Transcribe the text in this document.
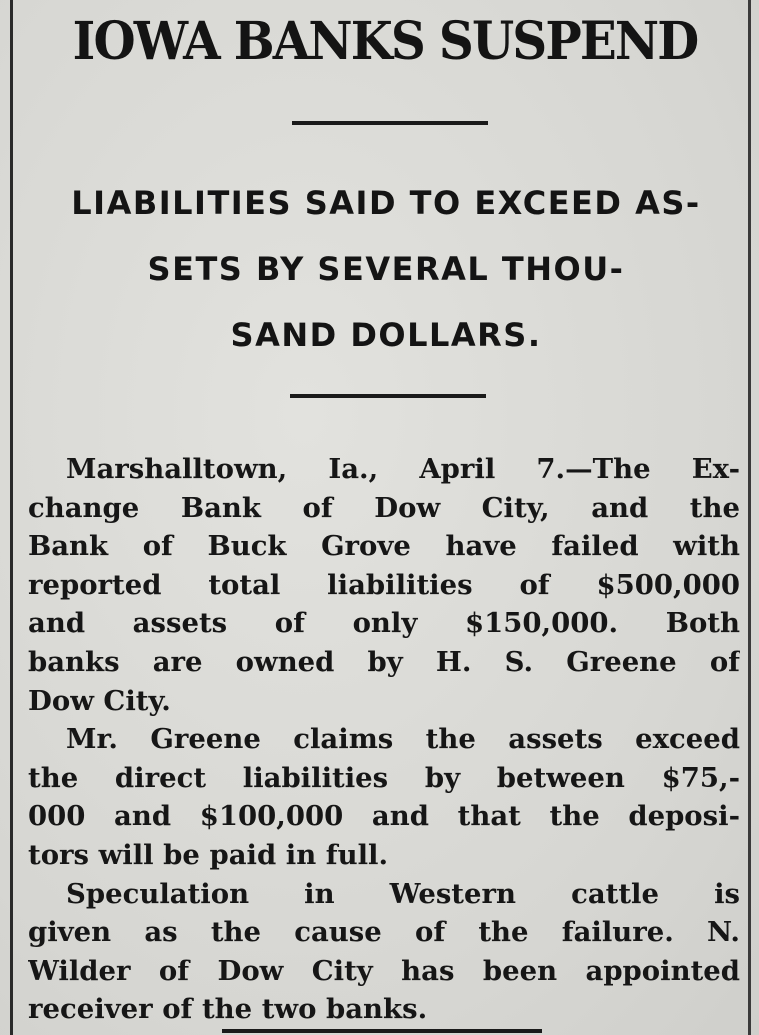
IOWA BANKS SUSPEND
LIABILITIES SAID TO EXCEED AS-
SETS BY SEVERAL THOU-
SAND DOLLARS.
Marshalltown, Ia., April 7.—The Ex-
change Bank of Dow City, and the
Bank of Buck Grove have failed with
reported total liabilities of $500,000
and assets of only $150,000. Both
banks are owned by H. S. Greene of
Dow City.
Mr. Greene claims the assets exceed
the direct liabilities by between $75,-
000 and $100,000 and that the deposi-
tors will be paid in full.
Speculation in Western cattle is
given as the cause of the failure. N.
Wilder of Dow City has been appointed
receiver of the two banks.
